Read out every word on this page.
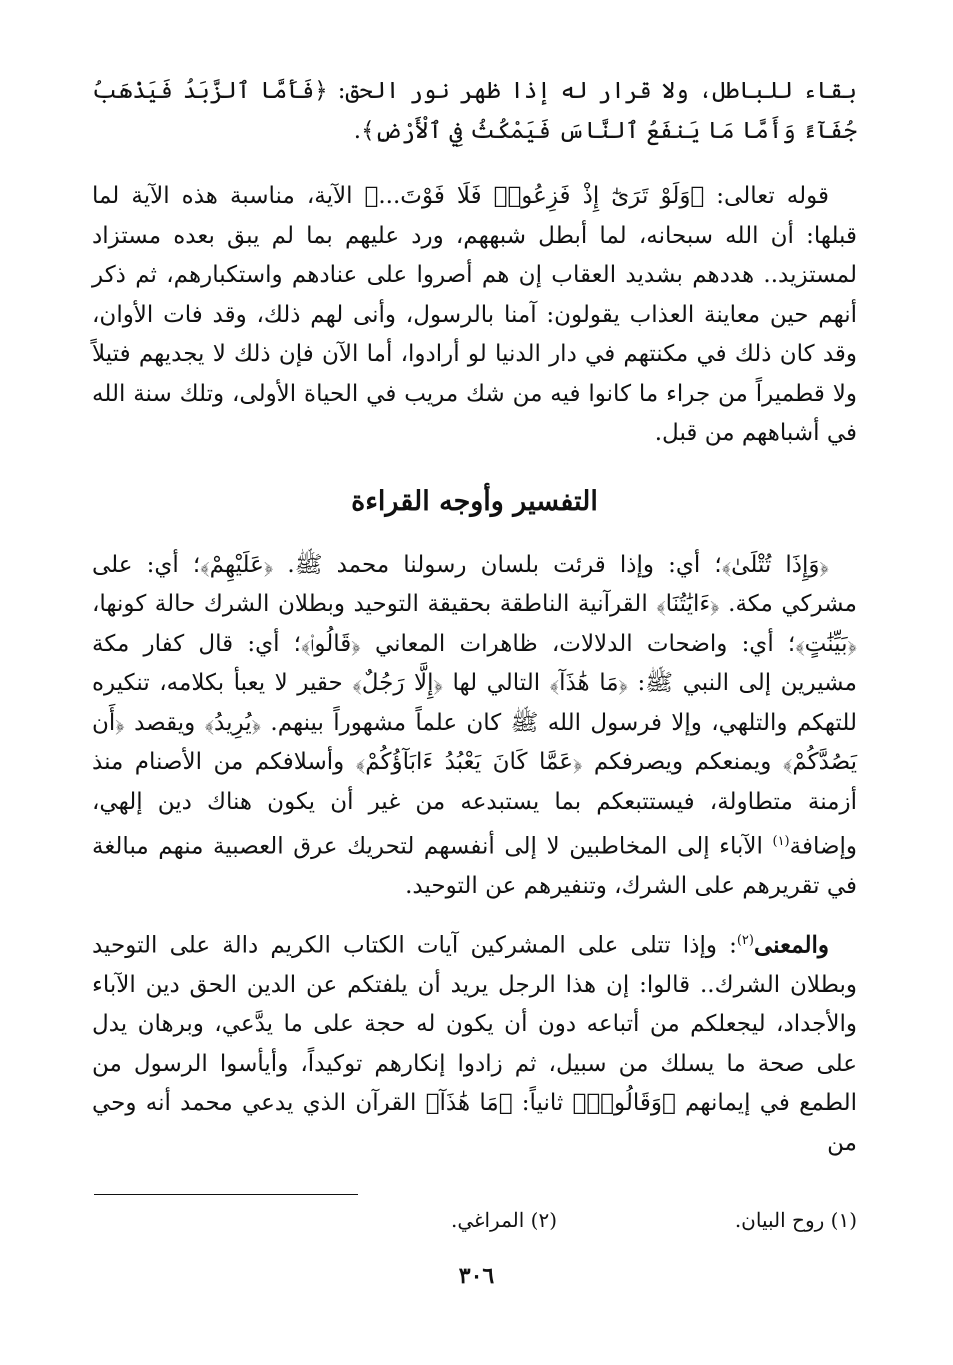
بقاء للباطل، ولا قرار له إذا ظهر نور الحق: ﴿فَأَمَّا ٱلزَّبَدُ فَيَذْهَبُ جُفَآءً وَأَمَّا مَا يَنفَعُ ٱلنَّاسَ فَيَمْكُثُ فِي ٱلْأَرْضِ﴾.

قوله تعالى: ﴿وَلَوْ تَرَىٰٓ إِذْ فَزِعُوا۟ فَلَا فَوْتَ...﴾ الآية، مناسبة هذه الآية لما قبلها: أن الله سبحانه، لما أبطل شبههم، ورد عليهم بما لم يبق بعده مستزاد لمستزيد.. هددهم بشديد العقاب إن هم أصروا على عنادهم واستكبارهم، ثم ذكر أنهم حين معاينة العذاب يقولون: آمنا بالرسول، وأنى لهم ذلك، وقد فات الأوان، وقد كان ذلك في مكنتهم في دار الدنيا لو أرادوا، أما الآن فإن ذلك لا يجديهم فتيلاً ولا قطميراً من جراء ما كانوا فيه من شك مريب في الحياة الأولى، وتلك سنة الله في أشباههم من قبل.

التفسير وأوجه القراءة

﴿وَإِذَا تُتْلَىٰ﴾؛ أي: وإذا قرئت بلسان رسولنا محمد ﷺ. ﴿عَلَيْهِمْ﴾؛ أي: على مشركي مكة. ﴿ءَايَٰتُنَا﴾ القرآنية الناطقة بحقيقة التوحيد وبطلان الشرك حالة كونها، ﴿بَيِّنَٰتٍ﴾؛ أي: واضحات الدلالات، ظاهرات المعاني ﴿قَالُوا۟﴾؛ أي: قال كفار مكة مشيرين إلى النبي ﷺ: ﴿مَا هَٰذَآ﴾ التالي لها ﴿إِلَّا رَجُلٌ﴾ حقير لا يعبأ بكلامه، تنكيره للتهكم والتلهي، وإلا فرسول الله ﷺ كان علماً مشهوراً بينهم. ﴿يُرِيدُ﴾ ويقصد ﴿أَن يَصُدَّكُمْ﴾ ويمنعكم ويصرفكم ﴿عَمَّا كَانَ يَعْبُدُ ءَابَآؤُكُمْ﴾ وأسلافكم من الأصنام منذ أزمنة متطاولة، فيستتبعكم بما يستبدعه من غير أن يكون هناك دين إلهي، وإضافة$^{(١)}$ الآباء إلى المخاطبين لا إلى أنفسهم لتحريك عرق العصبية منهم مبالغة في تقريرهم على الشرك، وتنفيرهم عن التوحيد.

والمعنى$^{(٢)}$: وإذا تتلى على المشركين آيات الكتاب الكريم دالة على التوحيد وبطلان الشرك.. قالوا: إن هذا الرجل يريد أن يلفتكم عن الدين الحق دين الآباء والأجداد، ليجعلكم من أتباعه دون أن يكون له حجة على ما يدَّعي، وبرهان يدل على صحة ما يسلك من سبيل، ثم زادوا إنكارهم توكيداً، وأيأسوا الرسول من الطمع في إيمانهم ﴿وَقَالُوا۟﴾ ثانياً: ﴿مَا هَٰذَآ﴾ القرآن الذي يدعي محمد أنه وحي من

(١) روح البيان.
(٢) المراغي.
٣٠٦
